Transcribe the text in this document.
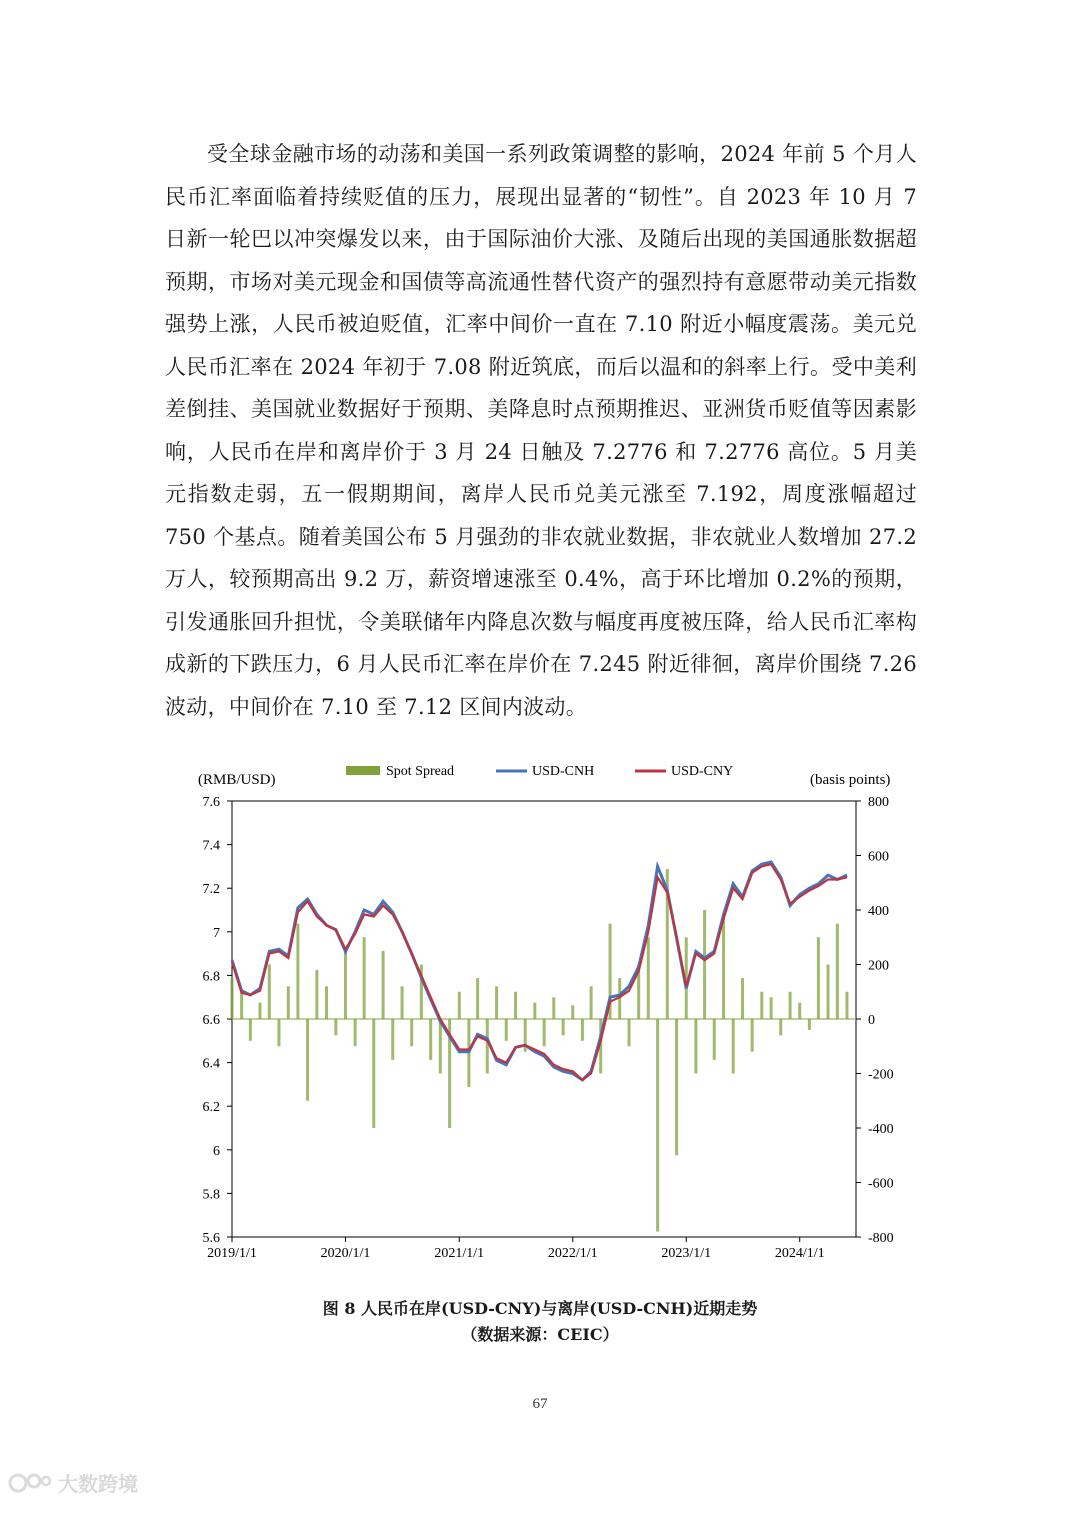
受全球金融市场的动荡和美国一系列政策调整的影响，2024 年前 5 个月人民币汇率面临着持续贬值的压力，展现出显著的“韧性”。自 2023 年 10 月 7 日新一轮巴以冲突爆发以来，由于国际油价大涨、及随后出现的美国通胀数据超预期，市场对美元现金和国债等高流通性替代资产的强烈持有意愿带动美元指数强势上涨，人民币被迫贬值，汇率中间价一直在 7.10 附近小幅度震荡。美元兑人民币汇率在 2024 年初于 7.08 附近筑底，而后以温和的斜率上行。受中美利差倒挂、美国就业数据好于预期、美降息时点预期推迟、亚洲货币贬值等因素影响，人民币在岸和离岸价于 3 月 24 日触及 7.2776 和 7.2776 高位。5 月美元指数走弱，五一假期期间，离岸人民币兑美元涨至 7.192，周度涨幅超过 750 个基点。随着美国公布 5 月强劲的非农就业数据，非农就业人数增加 27.2 万人，较预期高出 9.2 万，薪资增速涨至 0.4%，高于环比增加 0.2%的预期，引发通胀回升担忧，令美联储年内降息次数与幅度再度被压降，给人民币汇率构成新的下跌压力，6 月人民币汇率在岸价在 7.245 附近徘徊，离岸价围绕 7.26 波动，中间价在 7.10 至 7.12 区间内波动。

Spot Spread	USD-CNH	USD-CNY
(RMB/USD)	(basis points)
7.6
7.4
7.2
7
6.8
6.6
6.4
6.2
6
5.8
5.6
800
600
400
200
0
-200
-400
-600
-800
2019/1/1	2020/1/1	2021/1/1	2022/1/1	2023/1/1	2024/1/1
图 8 人民币在岸(USD-CNY)与离岸(USD-CNH)近期走势
（数据来源：CEIC）
67
大数跨境
